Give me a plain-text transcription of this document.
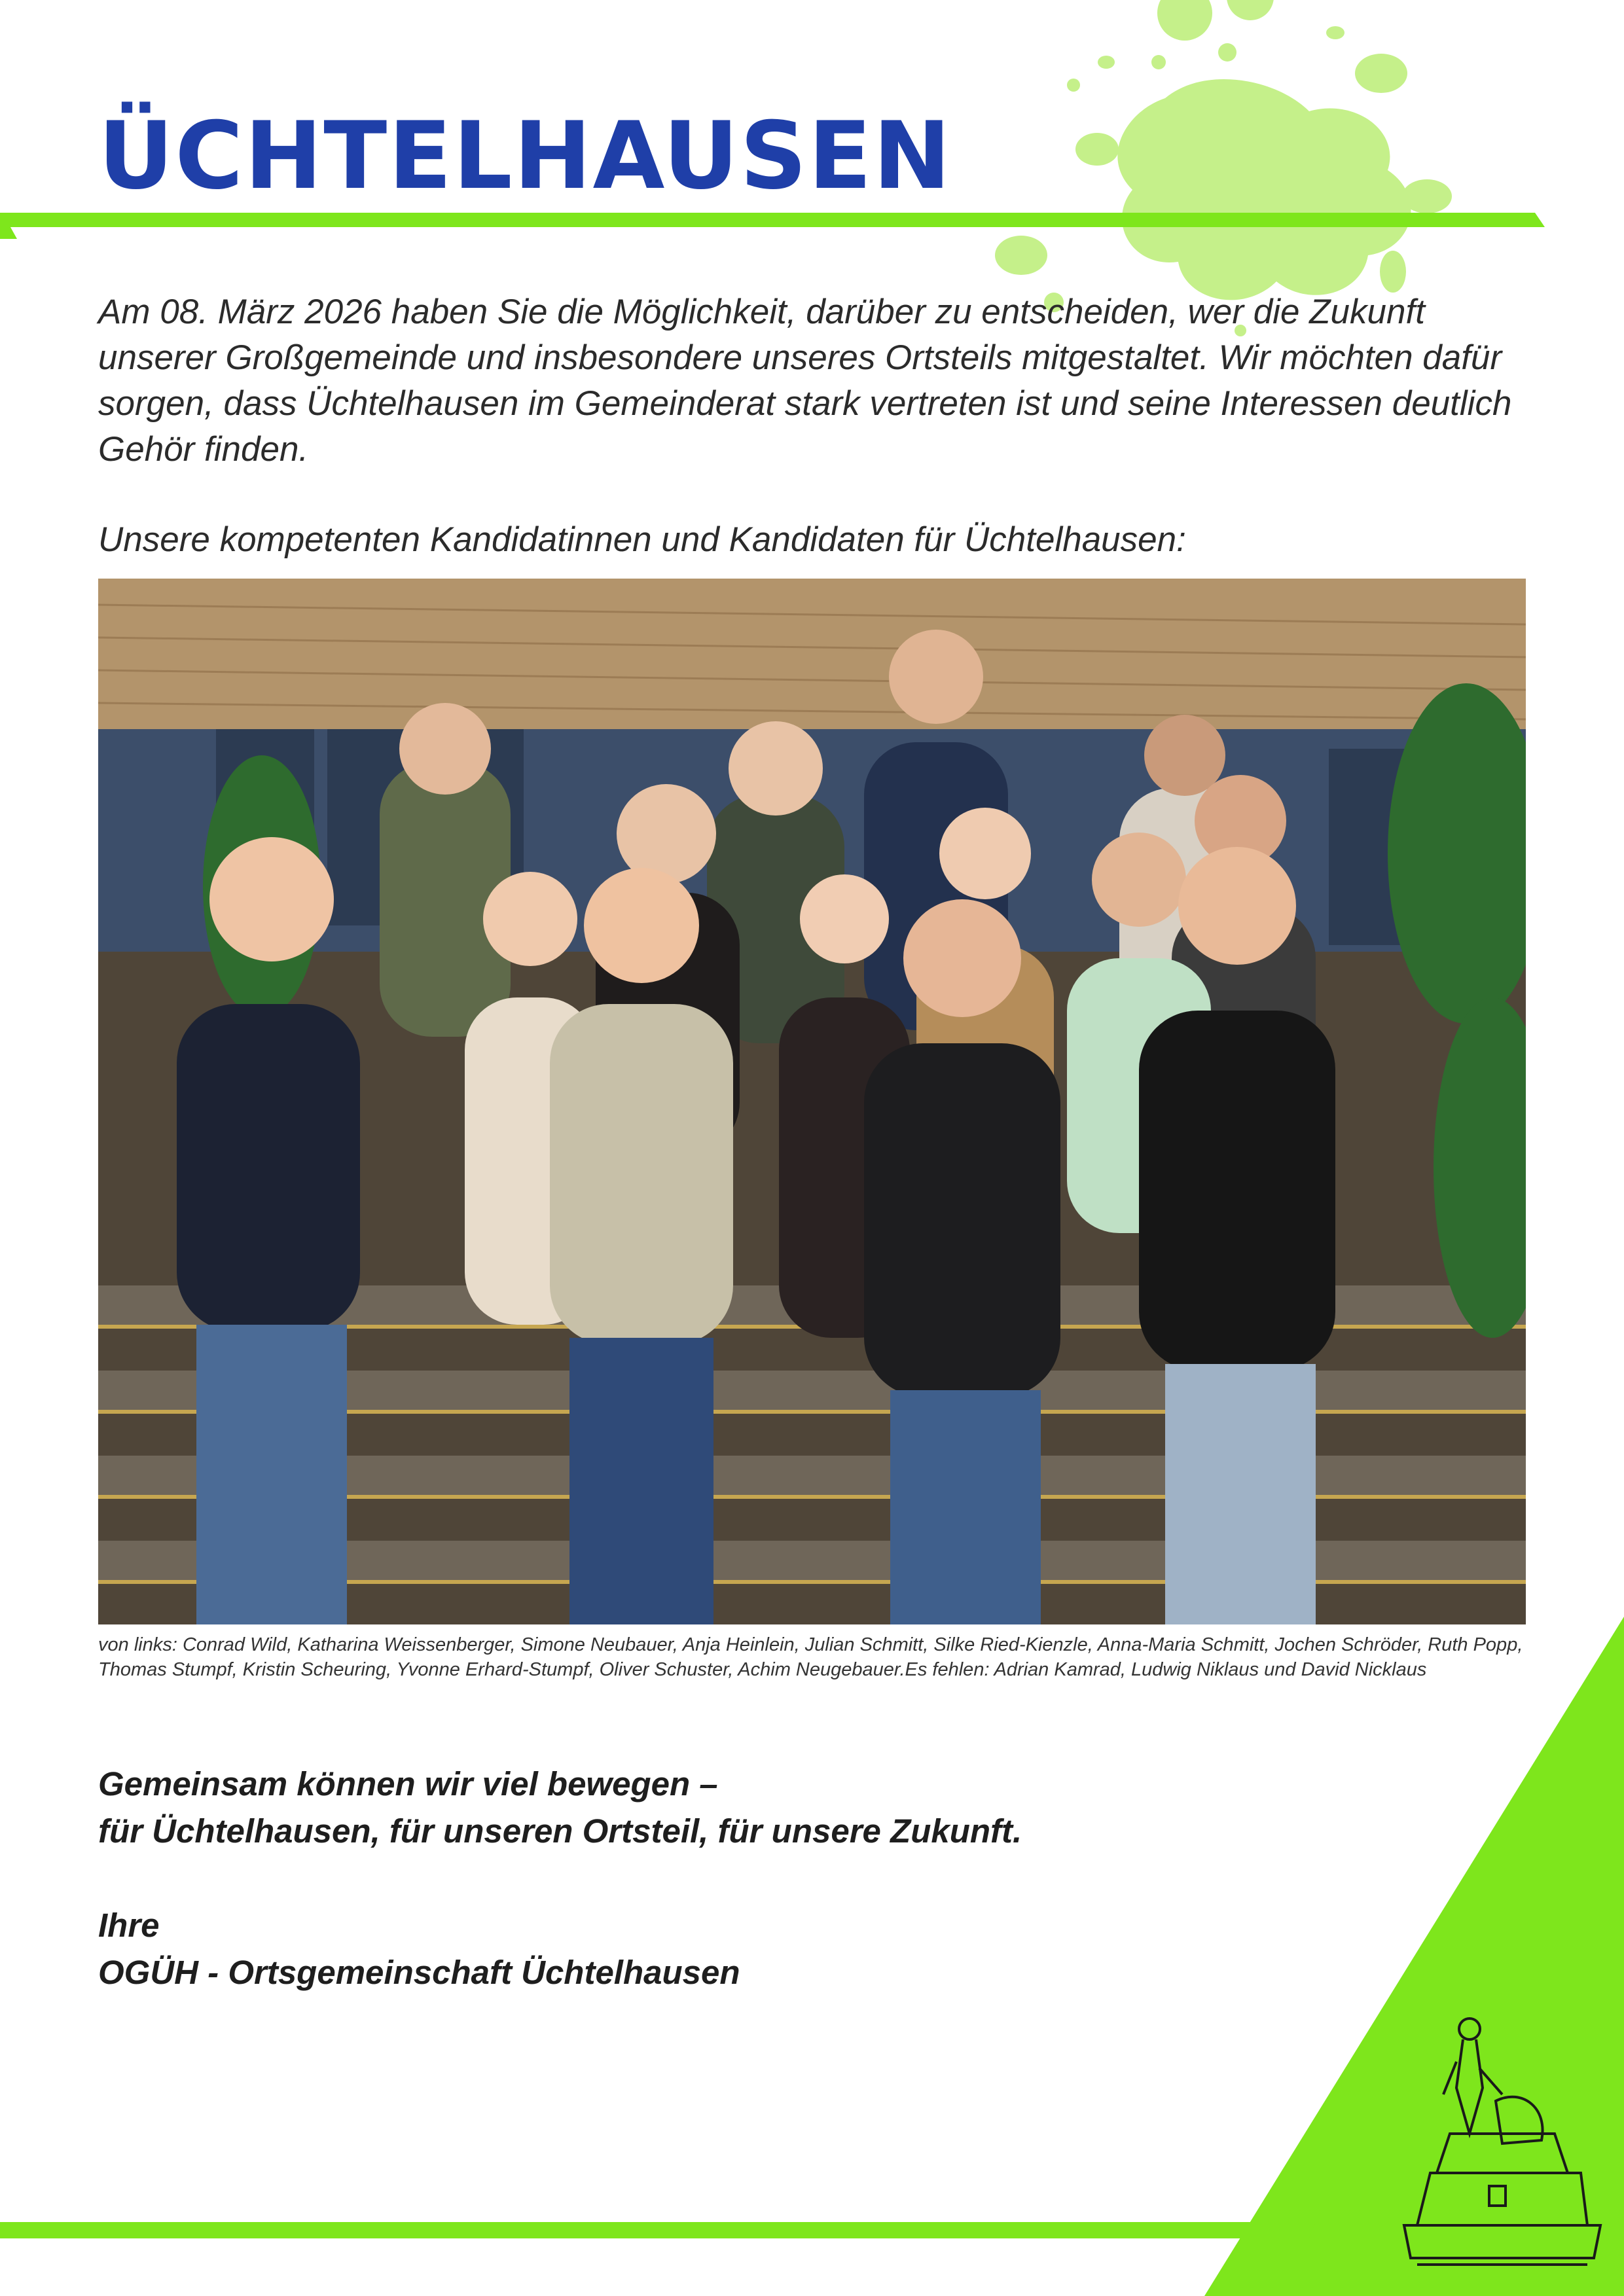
ÜCHTELHAUSEN

Am 08. März 2026 haben Sie die Möglichkeit, darüber zu entscheiden, wer die Zukunft unserer Großgemeinde und insbesondere unseres Ortsteils mitgestaltet. Wir möchten dafür sorgen, dass Üchtelhausen im Gemeinderat stark vertreten ist und seine Interessen deutlich Gehör finden.

Unsere kompetenten Kandidatinnen und Kandidaten für Üchtelhausen:

von links: Conrad Wild, Katharina Weissenberger, Simone Neubauer, Anja Heinlein, Julian Schmitt, Silke Ried-Kienzle, Anna-Maria Schmitt, Jochen Schröder, Ruth Popp, Thomas Stumpf, Kristin Scheuring, Yvonne Erhard-Stumpf, Oliver Schuster, Achim Neugebauer.Es fehlen: Adrian Kamrad, Ludwig Niklaus und David Nicklaus

Gemeinsam können wir viel bewegen –

für Üchtelhausen, für unseren Ortsteil, für unsere Zukunft.

Ihre

OGÜH - Ortsgemeinschaft Üchtelhausen
